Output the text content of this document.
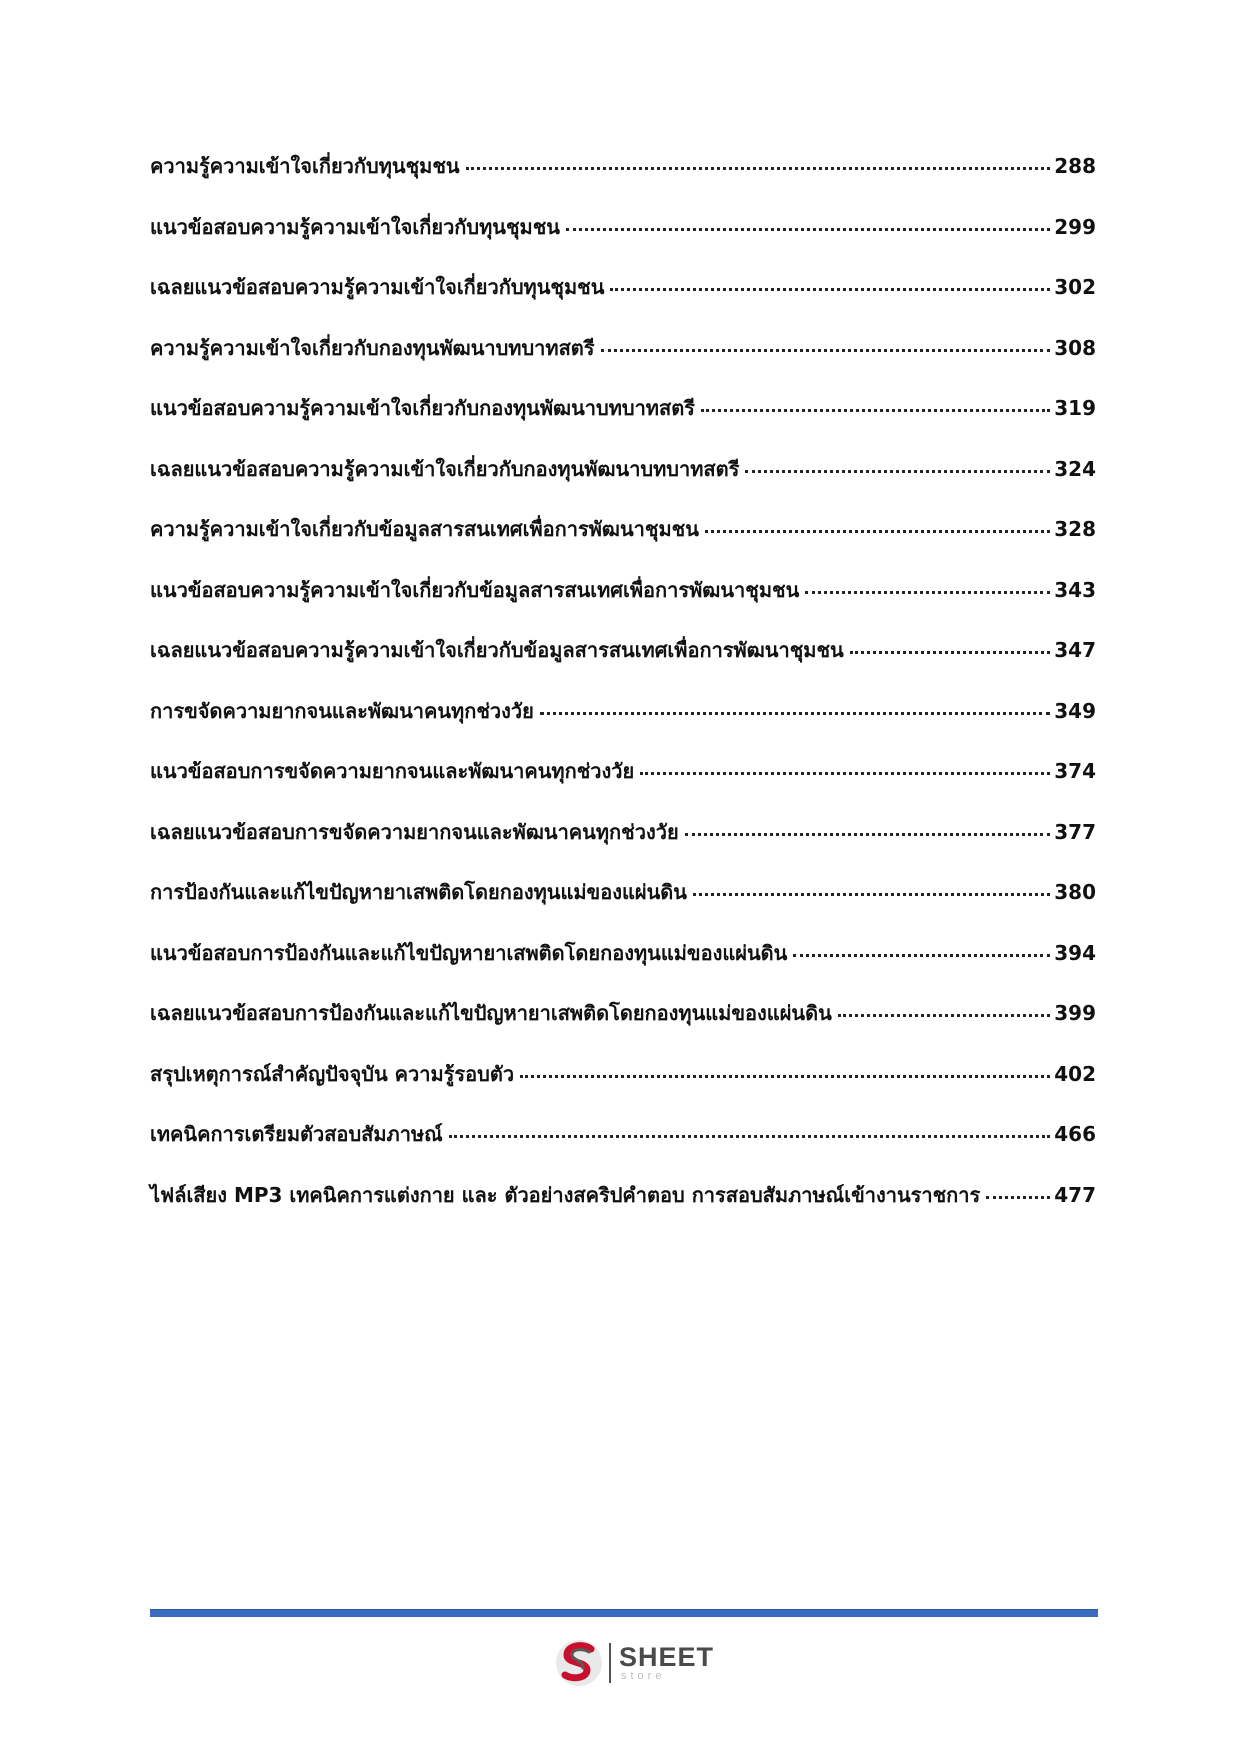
ความรู้ความเข้าใจเกี่ยวกับทุนชุมชน	288
แนวข้อสอบความรู้ความเข้าใจเกี่ยวกับทุนชุมชน	299
เฉลยแนวข้อสอบความรู้ความเข้าใจเกี่ยวกับทุนชุมชน	302
ความรู้ความเข้าใจเกี่ยวกับกองทุนพัฒนาบทบาทสตรี	308
แนวข้อสอบความรู้ความเข้าใจเกี่ยวกับกองทุนพัฒนาบทบาทสตรี	319
เฉลยแนวข้อสอบความรู้ความเข้าใจเกี่ยวกับกองทุนพัฒนาบทบาทสตรี	324
ความรู้ความเข้าใจเกี่ยวกับข้อมูลสารสนเทศเพื่อการพัฒนาชุมชน	328
แนวข้อสอบความรู้ความเข้าใจเกี่ยวกับข้อมูลสารสนเทศเพื่อการพัฒนาชุมชน	343
เฉลยแนวข้อสอบความรู้ความเข้าใจเกี่ยวกับข้อมูลสารสนเทศเพื่อการพัฒนาชุมชน	347
การขจัดความยากจนและพัฒนาคนทุกช่วงวัย	349
แนวข้อสอบการขจัดความยากจนและพัฒนาคนทุกช่วงวัย	374
เฉลยแนวข้อสอบการขจัดความยากจนและพัฒนาคนทุกช่วงวัย	377
การป้องกันและแก้ไขปัญหายาเสพติดโดยกองทุนแม่ของแผ่นดิน	380
แนวข้อสอบการป้องกันและแก้ไขปัญหายาเสพติดโดยกองทุนแม่ของแผ่นดิน	394
เฉลยแนวข้อสอบการป้องกันและแก้ไขปัญหายาเสพติดโดยกองทุนแม่ของแผ่นดิน	399
สรุปเหตุการณ์สำคัญปัจจุบัน ความรู้รอบตัว	402
เทคนิคการเตรียมตัวสอบสัมภาษณ์	466
ไฟล์เสียง MP3 เทคนิคการแต่งกาย และ ตัวอย่างสคริปคำตอบ การสอบสัมภาษณ์เข้างานราชการ	477
SHEET
store
